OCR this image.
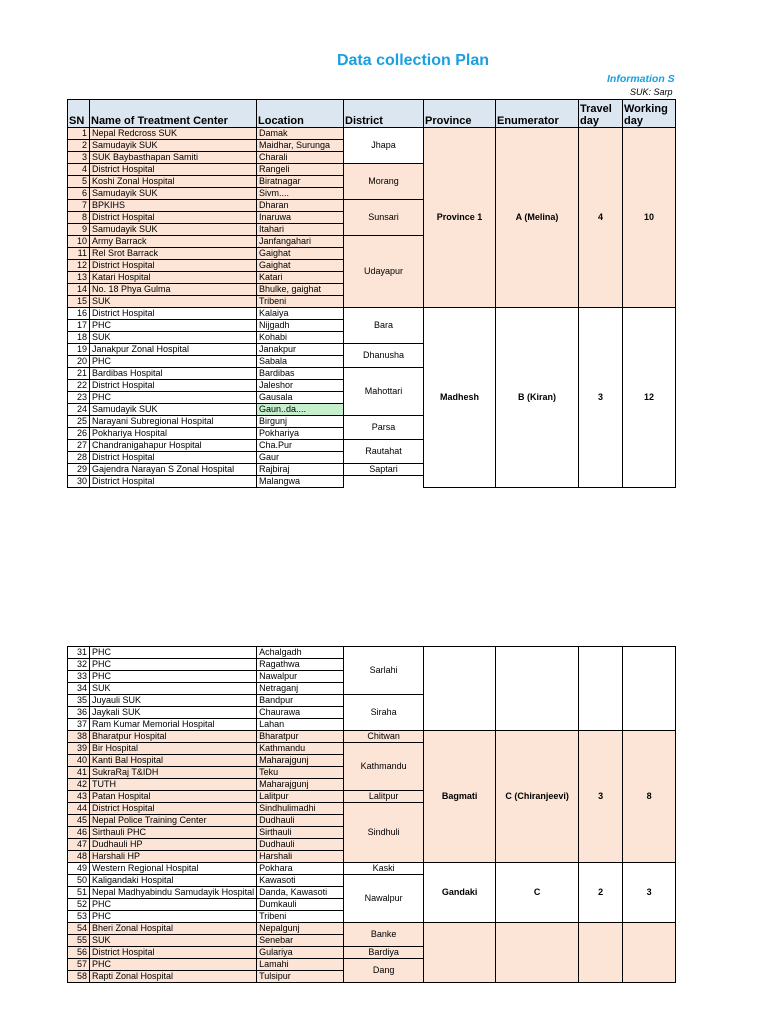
Data collection Plan
Information S
SUK: Sarp
SN	Name of Treatment Center	Location	District	Province	Enumerator	Travel day	Working day
1	Nepal Redcross SUK	Damak	Jhapa	Province 1	A (Melina)	4	10
2	Samudayik SUK	Maidhar, Surunga					
3	SUK Baybasthapan Samiti	Charali					
4	District Hospital	Rangeli	Morang				
5	Koshi Zonal Hospital	Biratnagar					
6	Samudayik SUK	Sivm....					
7	BPKIHS	Dharan	Sunsari				
8	District Hospital	Inaruwa					
9	Samudayik SUK	Itahari					
10	Army Barrack	Janfangahari	Udayapur				
11	Rel Srot Barrack	Gaighat					
12	District Hospital	Gaighat					
13	Katari Hospital	Katari					
14	No. 18 Phya Gulma	Bhulke, gaighat					
15	SUK	Tribeni					
16	District Hospital	Kalaiya	Bara	Madhesh	B (Kiran)	3	12
17	PHC	Nijgadh					
18	SUK	Kohabi					
19	Janakpur Zonal Hospital	Janakpur	Dhanusha				
20	PHC	Sabala					
21	Bardibas Hospital	Bardibas	Mahottari				
22	District Hospital	Jaleshor					
23	PHC	Gausala					
24	Samudayik SUK	Gaun..da....					
25	Narayani Subregional Hospital	Birgunj	Parsa				
26	Pokhariya Hospital	Pokhariya					
27	Chandranigahapur Hospital	Cha.Pur	Rautahat				
28	District Hospital	Gaur					
29	Gajendra Narayan S Zonal Hospital	Rajbiraj	Saptari				
30	District Hospital	Malangwa					
31	PHC	Achalgadh	Sarlahi				
32	PHC	Ragathwa					
33	PHC	Nawalpur					
34	SUK	Netraganj					
35	Juyauli SUK	Bandpur	Siraha				
36	Jaykali SUK	Chaurawa					
37	Ram Kumar Memorial Hospital	Lahan					
38	Bharatpur Hospital	Bharatpur	Chitwan	Bagmati	C (Chiranjeevi)	3	8
39	Bir Hospital	Kathmandu	Kathmandu				
40	Kanti Bal Hospital	Maharajgunj					
41	SukraRaj T&IDH	Teku					
42	TUTH	Maharajgunj					
43	Patan Hospital	Lalitpur	Lalitpur				
44	District Hospital	Sindhulimadhi	Sindhuli				
45	Nepal Police Training Center	Dudhauli					
46	Sirthauli PHC	Sirthauli					
47	Dudhauli HP	Dudhauli					
48	Harshali HP	Harshali					
49	Western Regional Hospital	Pokhara	Kaski	Gandaki	C	2	3
50	Kaligandaki Hospital	Kawasoti	Nawalpur				
51	Nepal Madhyabindu Samudayik Hospital	Danda, Kawasoti					
52	PHC	Dumkauli					
53	PHC	Tribeni					
54	Bheri Zonal Hospital	Nepalgunj	Banke				
55	SUK	Senebar					
56	District Hospital	Gulariya	Bardiya				
57	PHC	Lamahi	Dang				
58	Rapti Zonal Hospital	Tulsipur					
